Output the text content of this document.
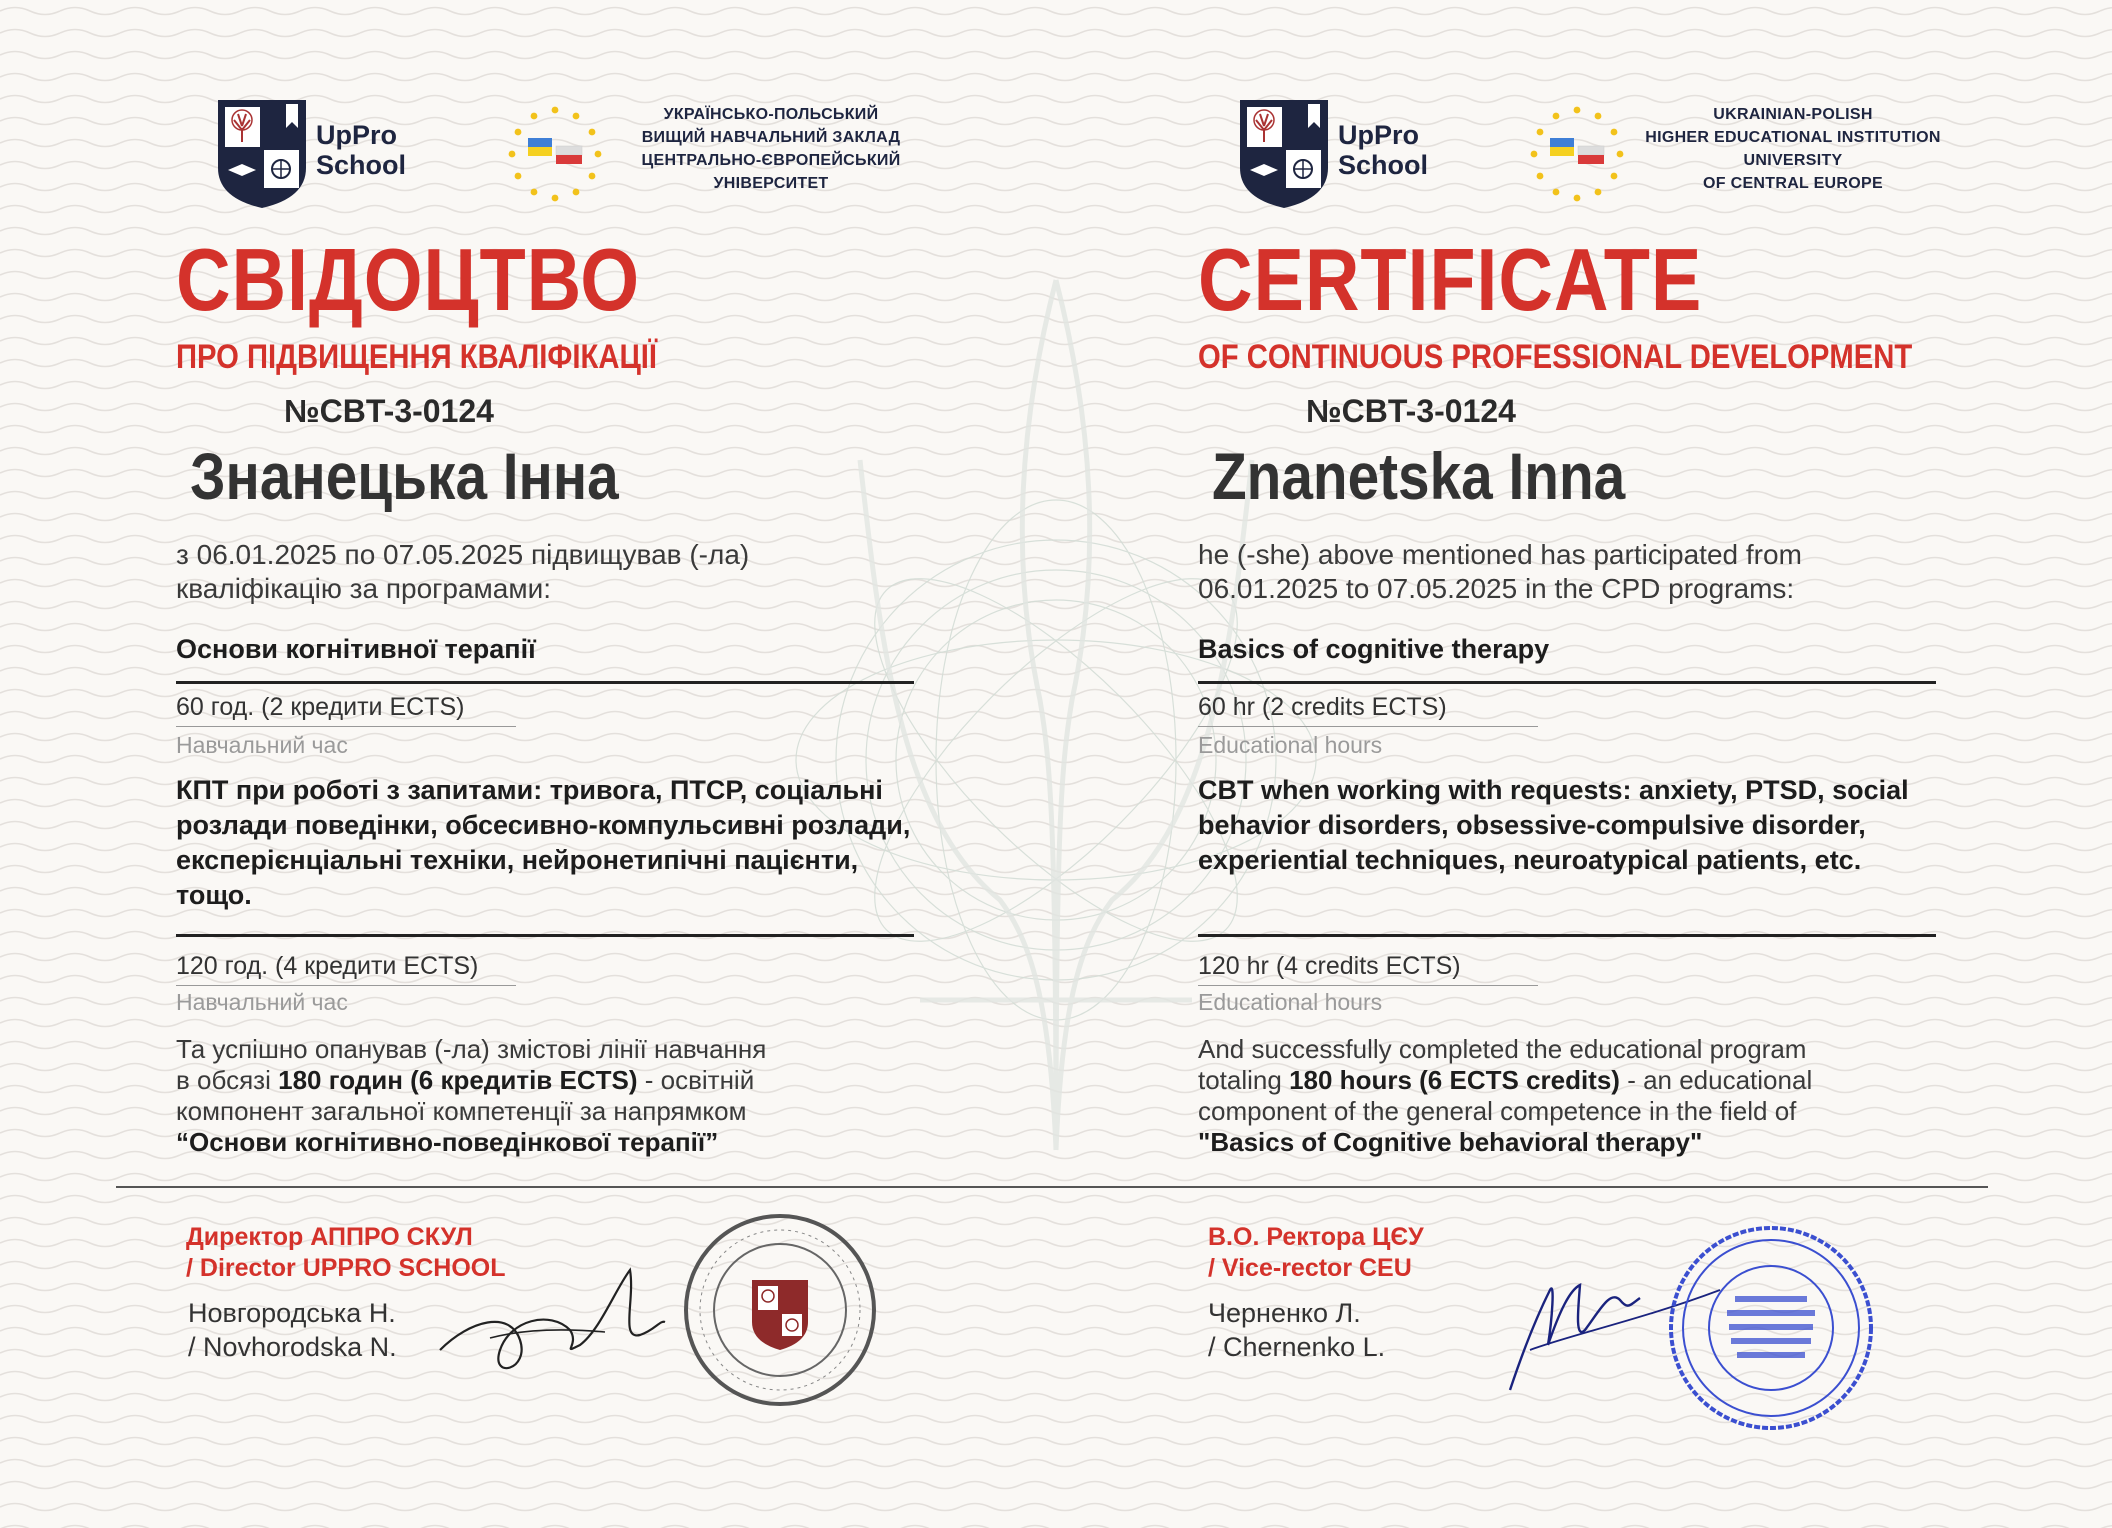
UpPro
School
УКРАЇНСЬКО-ПОЛЬСЬКИЙ
ВИЩИЙ НАВЧАЛЬНИЙ ЗАКЛАД
ЦЕНТРАЛЬНО-ЄВРОПЕЙСЬКИЙ
УНІВЕРСИТЕТ
СВІДОЦТВО
ПРО ПІДВИЩЕННЯ КВАЛІФІКАЦІЇ
№CBT-3-0124
Знанецька Інна
з 06.01.2025 по 07.05.2025 підвищував (-ла)
кваліфікацію за програмами:
Основи когнітивної терапії
60 год. (2 кредити ECTS)
Навчальний час
КПТ при роботі з запитами: тривога, ПТСР, соціальні розлади поведінки, обсесивно-компульсивні розлади, експерієнціальні техніки, нейронетипічні пацієнти, тощо.
120 год. (4 кредити ECTS)
Навчальний час
Та успішно опанував (-ла) змістові лінії навчання
в обсязі 180 годин (6 кредитів ECTS) - освітній
компонент загальної компетенції за напрямком
“Основи когнітивно-поведінкової терапії”
UpPro
School
UKRAINIAN-POLISH
HIGHER EDUCATIONAL INSTITUTION
UNIVERSITY
OF CENTRAL EUROPE
CERTIFICATE
OF CONTINUOUS PROFESSIONAL DEVELOPMENT
№CBT-3-0124
Znanetska Inna
he (-she) above mentioned has participated from
06.01.2025 to 07.05.2025 in the CPD programs:
Basics of cognitive therapy
60 hr (2 credits ECTS)
Educational hours
CBT when working with requests: anxiety, PTSD, social behavior disorders, obsessive-compulsive disorder, experiential techniques, neuroatypical patients, etc.
120 hr (4 credits ECTS)
Educational hours
And successfully completed the educational program
totaling 180 hours (6 ECTS credits) - an educational
component of the general competence in the field of
"Basics of Cognitive behavioral therapy"
Директор АППРО СКУЛ
/ Director UPPRO SCHOOL
Новгородська Н.
/ Novhorodska N.
В.О. Ректора ЦЄУ
/ Vice-rector CEU
Черненко Л.
/ Chernenko L.
